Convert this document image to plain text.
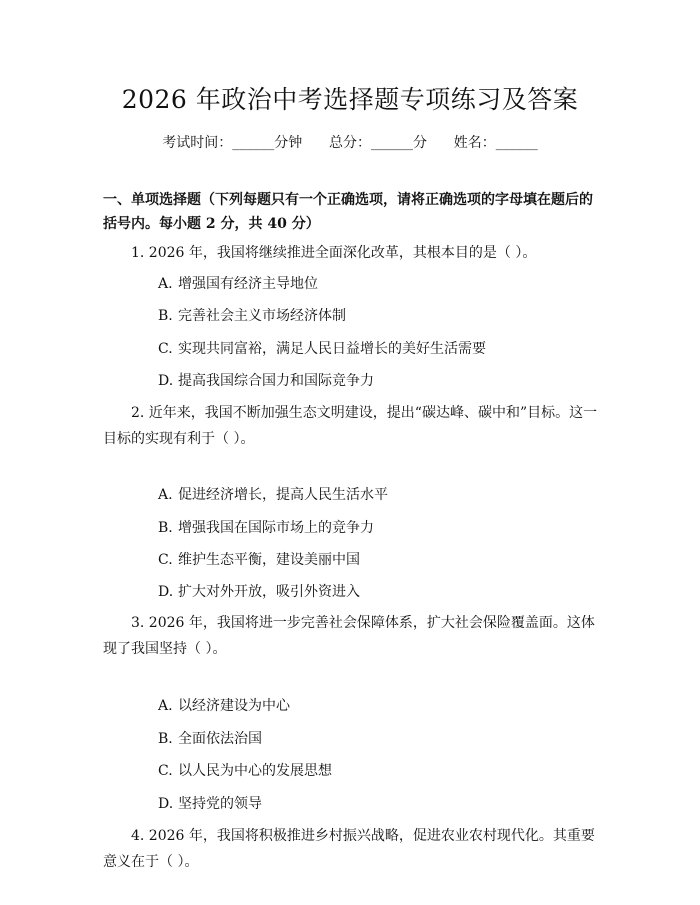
2026 年政治中考选择题专项练习及答案
考试时间：______分钟      总分：______分      姓名：______
一、单项选择题（下列每题只有一个正确选项，请将正确选项的字母填在题后的括号内。每小题 2 分，共 40 分）
1. 2026 年，我国将继续推进全面深化改革，其根本目的是（ ）。
A. 增强国有经济主导地位
B. 完善社会主义市场经济体制
C. 实现共同富裕，满足人民日益增长的美好生活需要
D. 提高我国综合国力和国际竞争力
2. 近年来，我国不断加强生态文明建设，提出“碳达峰、碳中和”目标。这一目标的实现有利于（ ）。
A. 促进经济增长，提高人民生活水平
B. 增强我国在国际市场上的竞争力
C. 维护生态平衡，建设美丽中国
D. 扩大对外开放，吸引外资进入
3. 2026 年，我国将进一步完善社会保障体系，扩大社会保险覆盖面。这体现了我国坚持（ ）。
A. 以经济建设为中心
B. 全面依法治国
C. 以人民为中心的发展思想
D. 坚持党的领导
4. 2026 年，我国将积极推进乡村振兴战略，促进农业农村现代化。其重要意义在于（ ）。
